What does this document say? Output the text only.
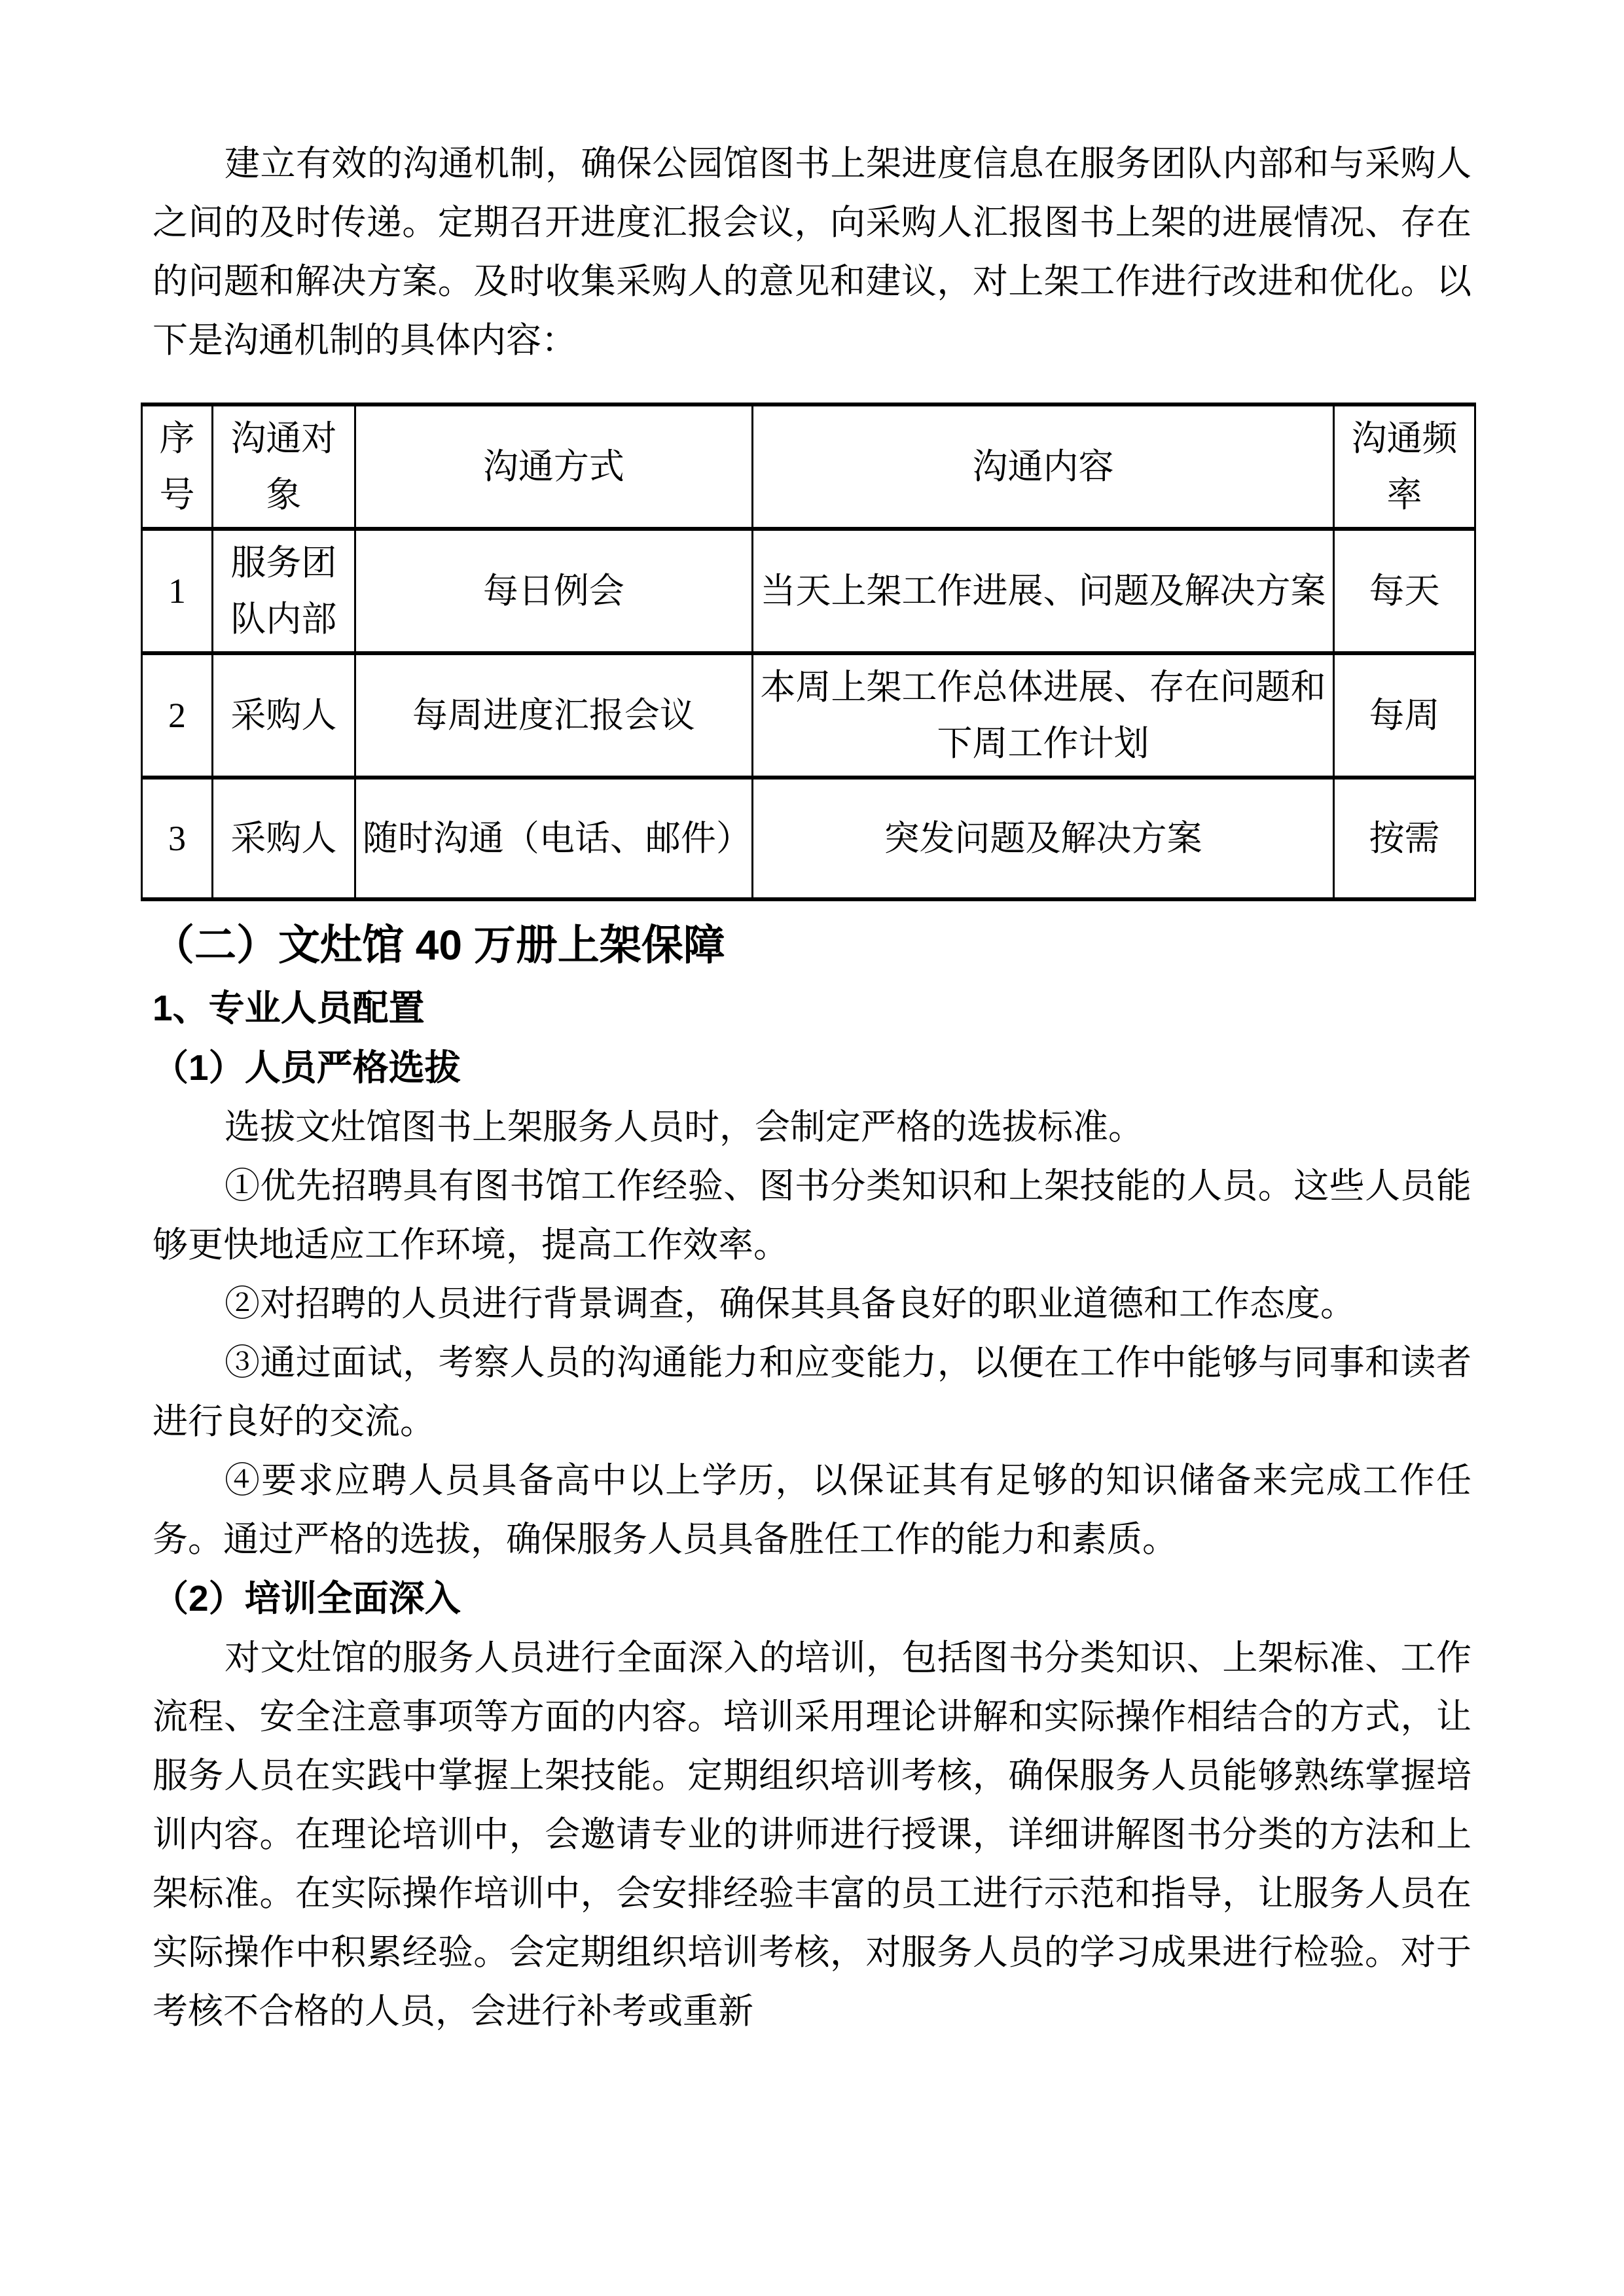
建立有效的沟通机制，确保公园馆图书上架进度信息在服务团队内部和与采购人之间的及时传递。定期召开进度汇报会议，向采购人汇报图书上架的进展情况、存在的问题和解决方案。及时收集采购人的意见和建议，对上架工作进行改进和优化。以下是沟通机制的具体内容：

序号	沟通对象	沟通方式	沟通内容	沟通频率
1	服务团队内部	每日例会	当天上架工作进展、问题及解决方案	每天
2	采购人	每周进度汇报会议	本周上架工作总体进展、存在问题和下周工作计划	每周
3	采购人	随时沟通（电话、邮件）	突发问题及解决方案	按需
（二）文灶馆 40 万册上架保障
1、专业人员配置
（1）人员严格选拔

选拔文灶馆图书上架服务人员时，会制定严格的选拔标准。

①优先招聘具有图书馆工作经验、图书分类知识和上架技能的人员。这些人员能够更快地适应工作环境，提高工作效率。

②对招聘的人员进行背景调查，确保其具备良好的职业道德和工作态度。

③通过面试，考察人员的沟通能力和应变能力，以便在工作中能够与同事和读者进行良好的交流。

④要求应聘人员具备高中以上学历，以保证其有足够的知识储备来完成工作任务。通过严格的选拔，确保服务人员具备胜任工作的能力和素质。

（2）培训全面深入

对文灶馆的服务人员进行全面深入的培训，包括图书分类知识、上架标准、工作流程、安全注意事项等方面的内容。培训采用理论讲解和实际操作相结合的方式，让服务人员在实践中掌握上架技能。定期组织培训考核，确保服务人员能够熟练掌握培训内容。在理论培训中，会邀请专业的讲师进行授课，详细讲解图书分类的方法和上架标准。在实际操作培训中，会安排经验丰富的员工进行示范和指导，让服务人员在实际操作中积累经验。会定期组织培训考核，对服务人员的学习成果进行检验。对于考核不合格的人员，会进行补考或重新
